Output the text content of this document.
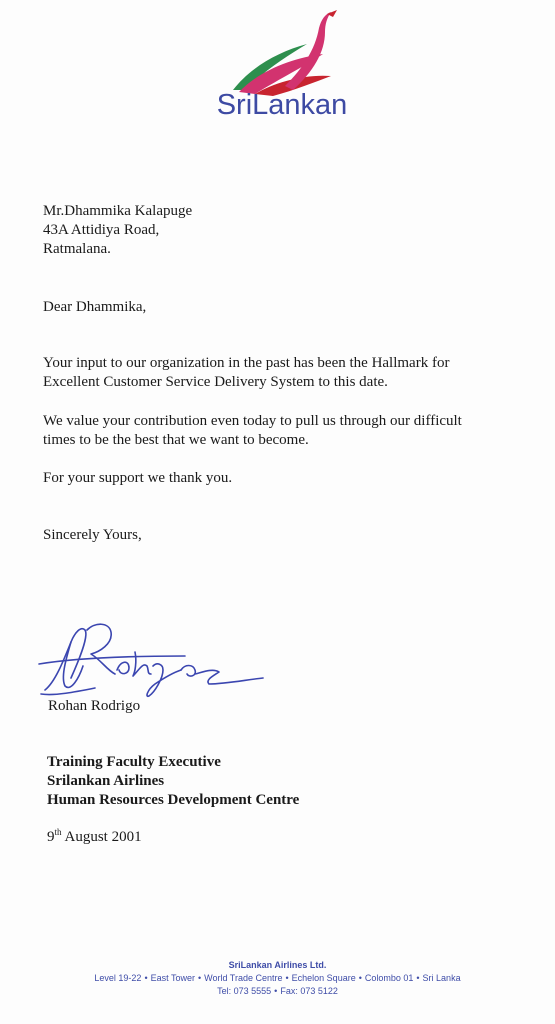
SriLankan
Mr.Dhammika Kalapuge
43A Attidiya Road,
Ratmalana.
Dear Dhammika,
Your input to our organization in the past has been the Hallmark for
Excellent Customer Service Delivery System to this date.
We value your contribution even today to pull us through our difficult
times to be the best that we want to become.
For your support we thank you.
Sincerely Yours,
Rohan Rodrigo
Training Faculty Executive
Srilankan Airlines
Human Resources Development Centre
9th August 2001
SriLankan Airlines Ltd.
Level 19-22 • East Tower • World Trade Centre • Echelon Square • Colombo 01 • Sri Lanka
Tel: 073 5555 • Fax: 073 5122
